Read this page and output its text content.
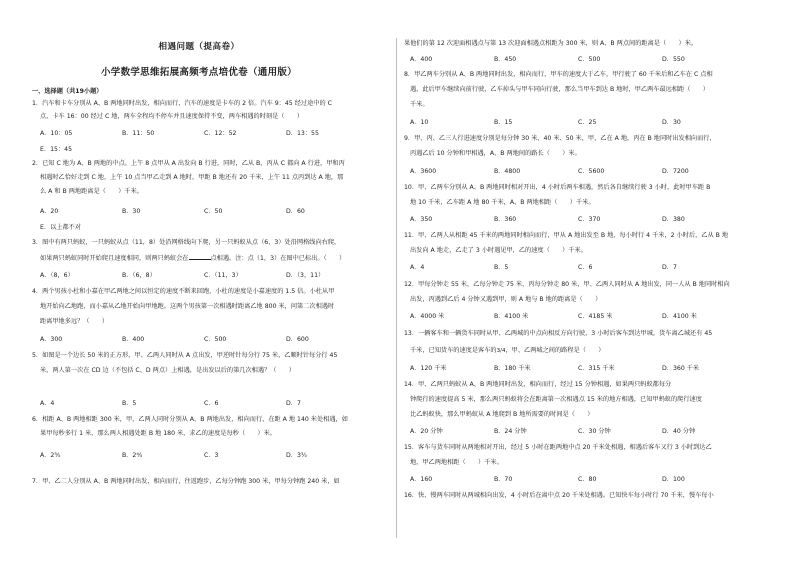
相遇问题（提高卷）
小学数学思维拓展高频考点培优卷（通用版）
一、选择题（共19小题）
1．汽车和卡车分别从 A、B 两地同时出发，相向而行，汽车的速度是卡车的 2 倍。汽车 9：45 经过途中的 C
点，卡车 16：00 经过 C 地，两车全程均不停车并且速度保持不变，两车相遇的时刻是（　　）
A．10：05	B．11：50	C．12：52	D．13：55
E．15：45
2．已知 C 地为 A、B 两地的中点。上午 8 点甲从 A 出发向 B 行进，同时，乙从 B、丙从 C 都向 A 行进，甲和丙
相遇时乙恰好走到 C 地，上午 10 点当甲乙走到 A 地时，甲距 B 地还有 20 千米，上午 11 点丙到达 A 地，那
么 A 和 B 两地距离是（　　）千米。
A．20	B．30	C．50	D．60
E．以上都不对
3．图中有两只蚂蚁，一只蚂蚁从点（11，8）处沿网格线向下爬，另一只蚂蚁从点（6，3）处沿网格线向右爬，
如果两只蚂蚁同时开始爬且速度相同，则两只蚂蚁会在	点相遇。注：点（1，3）在图中已标出。（　　）
A．（8，6）	B．（6，8）	C．（11，3）	D．（3，11）
4．两个男孩小杜和小嘉在甲乙两地之间以恒定的速度不断来回跑，小杜的速度是小嘉速度的 1.5 倍。小杜从甲
地开始向乙地跑，而小嘉从乙地开始向甲地跑。这两个男孩第一次相遇时距离乙地 800 米，问第二次相遇时
距离甲地多远？（　　）
A．300	B．400	C．500	D．600
5．如图是一个边长 50 米的正方形，甲、乙两人同时从 A 点出发，甲逆时针每分行 75 米，乙顺时针每分行 45
米，两人第一次在 CD 边（不包括 C、D 两点）上相遇，是出发以后的第几次相遇？（　　）
A．4	B．5	C．6	D．7
6．相距 A、B 两地相距 300 米，甲、乙两人同时分别从 A、B 两地出发，相向而行，在距 A 地 140 米处相遇，如
果甲每秒多行 1 米，那么两人相遇处距 B 地 180 米，求乙的速度是每秒（　　）米。
A．2⅗	B．2⅘	C．3	D．3⅗
7．甲、乙二人分别从 A、B 两地同时出发，相向而行，往返跑步，乙每分钟跑 300 米，甲每分钟跑 240 米，如
果他们的第 12 次迎面相遇点与第 13 次迎面相遇点相距为 300 米，则 A、B 两点间的距离是（　　）米。
A．400	B．450	C．500	D．550
8．甲乙两车分别从 A、B 两地同时出发，相向而行，甲车的速度大于乙车，甲行驶了 60 千米后和乙车在 C 点相
遇，此后甲车继续向前行驶，乙车掉头与甲车同向行驶，那么当甲车到达 B 地时，甲乙两车最远相距（　　）
千米。
A．10	B．15	C．25	D．30
9．甲、丙、乙三人行进速度分别是每分钟 30 米、40 米、50 米，甲、乙在 A 地，丙在 B 地同时出发相向而行，
丙遇乙后 10 分钟和甲相遇，A、B 两地间的路长（　　）米。
A．3600	B．4800	C．5600	D．7200
10．甲、乙两车分别从 A、B 两地同时相对开出，4 小时后两车相遇，然后各自继续行驶 3 小时，此时甲车距 B
地 10 千米，乙车距 A 地 80 千米，A、B 两地相距（　　）千米。
A．350	B．360	C．370	D．380
11．甲、乙两人从相距 45 千米的两地同时相向而行，甲从 A 地出发至 B 地，每小时行 4 千米，2 小时后，乙从 B 地
出发向 A 地走，乙走了 3 小时遇见甲，乙的速度（　　）千米。
A．4	B．5	C．6	D．7
12．甲每分钟走 55 米，乙每分钟走 75 米，丙每分钟走 80 米，甲、乙两人同时从 A 地出发，同一人从 B 地同时相向
出发，丙遇到乙后 4 分钟又遇到甲，则 A 地与 B 地的距离是（　　）
A．4000 米	B．4100 米	C．4185 米	D．4100 米
13．一辆客车和一辆货车同时从甲、乙两城的中点向相反方向行驶，3 小时后客车到达甲城，货车离乙城还有 45
千米，已知货车的速度是客车的3/4，甲、乙两城之间的路程是（　　）
A．120 千米	B．180 千米	C．315 千米	D．360 千米
14．甲、乙两只蚂蚁从 A、B 两地同时出发，相向而行，经过 15 分钟相遇，如果两只蚂蚁都每分
钟爬行的速度提高 5 米，那么两只蚂蚁将会在距离第一次相遇点 15 米的地方相遇，已知甲蚂蚁的爬行速度
比乙蚂蚁快，那么甲蚂蚁从 A 地爬到 B 地所需要的时间是（　　）
A．20 分钟	B．24 分钟	C．30 分钟	D．40 分钟
15．客车与货车同时从两地相对开出，经过 5 小时在距两地中点 20 千米处相遇，相遇后客车又行 3 小时到达乙
地，甲乙两地相距（　　）千米。
A．160	B．70	C．80	D．100
16．快、慢两车同时从两城相向出发，4 小时后在离中点 20 千米处相遇。已知快车每小时行 70 千米，慢车每小
